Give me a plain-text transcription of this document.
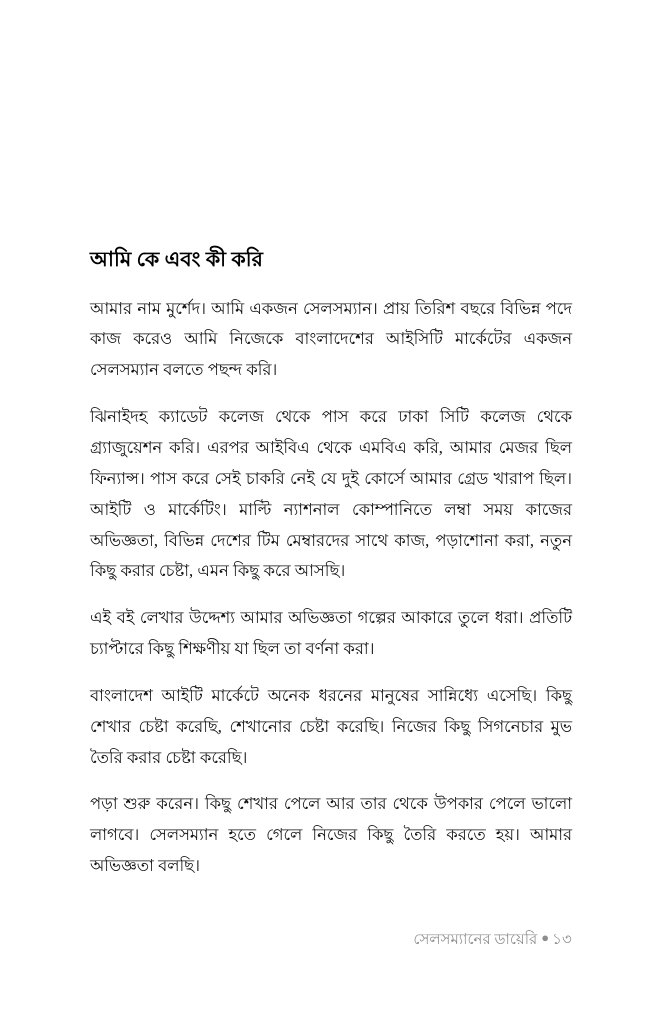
আমি কে এবং কী করি

আমার নাম মুর্শেদ। আমি একজন সেলসম্যান। প্রায় তিরিশ বছরে বিভিন্ন পদে কাজ করেও আমি নিজেকে বাংলাদেশের আইসিটি মার্কেটের একজন সেলসম্যান বলতে পছন্দ করি।

ঝিনাইদহ ক্যাডেট কলেজ থেকে পাস করে ঢাকা সিটি কলেজ থেকে গ্র্যাজুয়েশন করি। এরপর আইবিএ থেকে এমবিএ করি, আমার মেজর ছিল ফিন্যান্স। পাস করে সেই চাকরি নেই যে দুই কোর্সে আমার গ্রেড খারাপ ছিল। আইটি ও মার্কেটিং। মাল্টি ন্যাশনাল কোম্পানিতে লম্বা সময় কাজের অভিজ্ঞতা, বিভিন্ন দেশের টিম মেম্বারদের সাথে কাজ, পড়াশোনা করা, নতুন কিছু করার চেষ্টা, এমন কিছু করে আসছি।

এই বই লেখার উদ্দেশ্য আমার অভিজ্ঞতা গল্পের আকারে তুলে ধরা। প্রতিটি চ্যাপ্টারে কিছু শিক্ষণীয় যা ছিল তা বর্ণনা করা।

বাংলাদেশ আইটি মার্কেটে অনেক ধরনের মানুষের সান্নিধ্যে এসেছি। কিছু শেখার চেষ্টা করেছি, শেখানোর চেষ্টা করেছি। নিজের কিছু সিগনেচার মুভ তৈরি করার চেষ্টা করেছি।

পড়া শুরু করেন। কিছু শেখার পেলে আর তার থেকে উপকার পেলে ভালো লাগবে। সেলসম্যান হতে গেলে নিজের কিছু তৈরি করতে হয়। আমার অভিজ্ঞতা বলছি।

সেলসম্যানের ডায়েরি ● ১৩
